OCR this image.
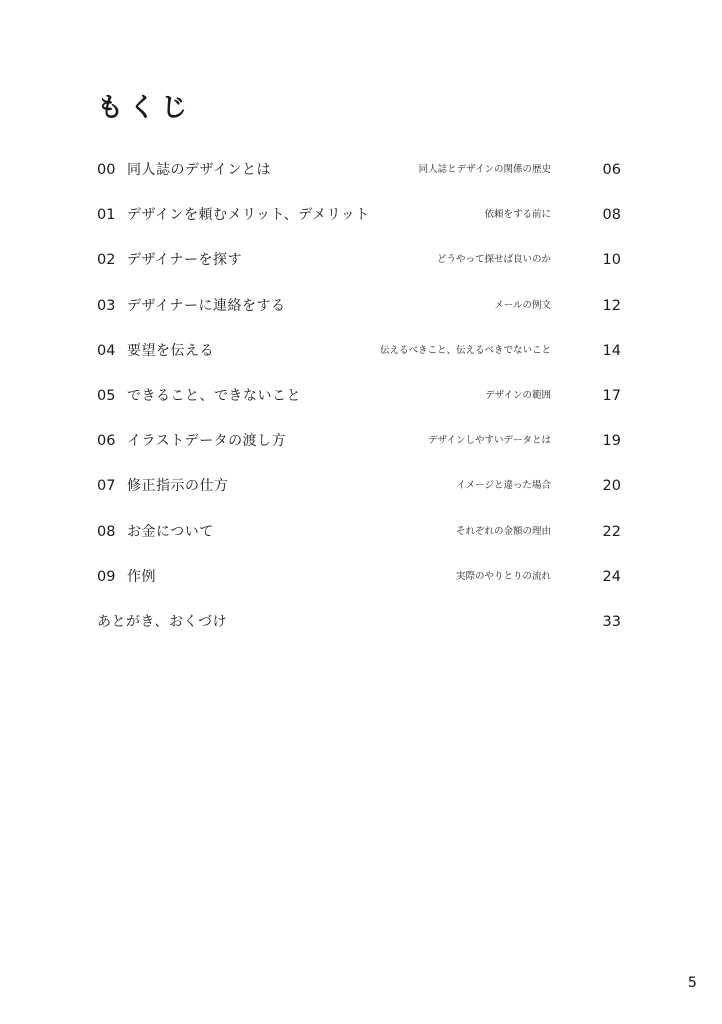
もくじ
00 同人誌のデザインとは	同人誌とデザインの関係の歴史	06
01 デザインを頼むメリット、デメリット	依頼をする前に	08
02 デザイナーを探す	どうやって探せば良いのか	10
03 デザイナーに連絡をする	メールの例文	12
04 要望を伝える	伝えるべきこと、伝えるべきでないこと	14
05 できること、できないこと	デザインの範囲	17
06 イラストデータの渡し方	デザインしやすいデータとは	19
07 修正指示の仕方	イメージと違った場合	20
08 お金について	それぞれの金額の理由	22
09 作例	実際のやりとりの流れ	24
あとがき、おくづけ	33
5
